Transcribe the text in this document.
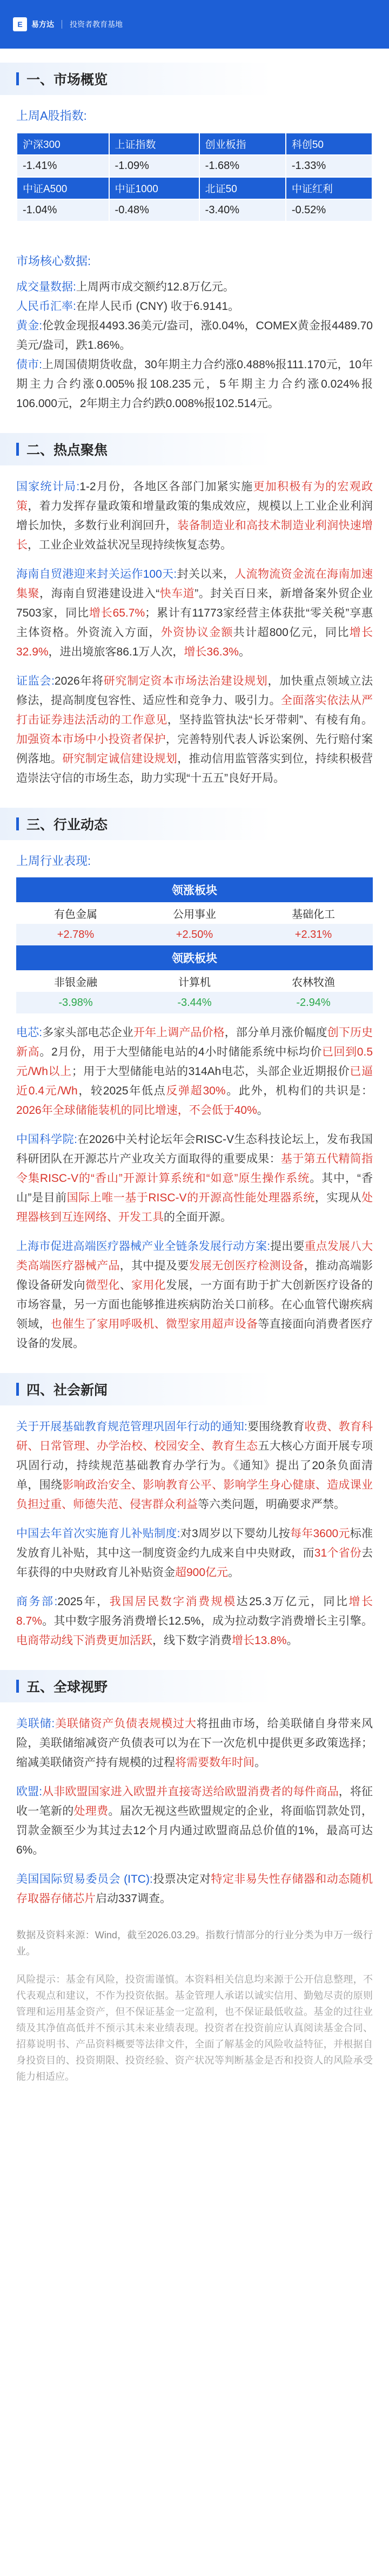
E	易方达 投资者教育基地
一、市场概览
上周A股指数:
沪深300	上证指数	创业板指	科创50
-1.41%	-1.09%	-1.68%	-1.33%
中证A500	中证1000	北证50	中证红利
-1.04%	-0.48%	-3.40%	-0.52%
市场核心数据:

成交量数据:上周两市成交额约12.8万亿元。

人民币汇率:在岸人民币 (CNY) 收于6.9141。

黄金:伦敦金现报4493.36美元/盎司，涨0.04%，COMEX黄金报4489.70美元/盎司，跌1.86%。

债市:上周国债期货收盘，30年期主力合约涨0.488%报111.170元，10年期主力合约涨0.005%报108.235元，5年期主力合约涨0.024%报106.000元，2年期主力合约跌0.008%报102.514元。

二、热点聚焦

国家统计局:1-2月份，各地区各部门加紧实施更加积极有为的宏观政策，着力发挥存量政策和增量政策的集成效应，规模以上工业企业利润增长加快，多数行业利润回升，装备制造业和高技术制造业利润快速增长，工业企业效益状况呈现持续恢复态势。

海南自贸港迎来封关运作100天:封关以来，人流物流资金流在海南加速集聚，海南自贸港建设进入“快车道”。封关百日来，新增备案外贸企业7503家，同比增长65.7%；累计有11773家经营主体获批“零关税”享惠主体资格。外资流入方面，外资协议金额共计超800亿元，同比增长32.9%，进出境旅客86.1万人次，增长36.3%。

证监会:2026年将研究制定资本市场法治建设规划，加快重点领域立法修法，提高制度包容性、适应性和竞争力、吸引力。全面落实依法从严打击证券违法活动的工作意见，坚持监管执法“长牙带刺”、有棱有角。加强资本市场中小投资者保护，完善特别代表人诉讼案例、先行赔付案例落地。研究制定诚信建设规划，推动信用监管落实到位，持续积极营造崇法守信的市场生态，助力实现“十五五”良好开局。

三、行业动态
上周行业表现:
领涨板块		
有色金属	公用事业	基础化工
+2.78%	+2.50%	+2.31%
领跌板块		
非银金融	计算机	农林牧渔
-3.98%	-3.44%	-2.94%

电芯:多家头部电芯企业开年上调产品价格，部分单月涨价幅度创下历史新高。2月份，用于大型储能电站的4小时储能系统中标均价已回到0.5元/Wh以上；用于大型储能电站的314Ah电芯，头部企业近期报价已逼近0.4元/Wh，较2025年低点反弹超30%。此外，机构们的共识是：2026年全球储能装机的同比增速，不会低于40%。

中国科学院:在2026中关村论坛年会RISC-V生态科技论坛上，发布我国科研团队在开源芯片产业攻关方面取得的重要成果：基于第五代精简指令集RISC-V的“香山”开源计算系统和“如意”原生操作系统。其中，“香山”是目前国际上唯一基于RISC-V的开源高性能处理器系统，实现从处理器核到互连网络、开发工具的全面开源。

上海市促进高端医疗器械产业全链条发展行动方案:提出要重点发展八大类高端医疗器械产品，其中提及要发展无创医疗检测设备，推动高端影像设备研发向微型化、家用化发展，一方面有助于扩大创新医疗设备的市场容量，另一方面也能够推进疾病防治关口前移。在心血管代谢疾病领域，也催生了家用呼吸机、微型家用超声设备等直接面向消费者医疗设备的发展。

四、社会新闻

关于开展基础教育规范管理巩固年行动的通知:要围绕教育收费、教育科研、日常管理、办学治校、校园安全、教育生态五大核心方面开展专项巩固行动，持续规范基础教育办学行为。《通知》提出了20条负面清单，围绕影响政治安全、影响教育公平、影响学生身心健康、造成课业负担过重、师德失范、侵害群众利益等六类问题，明确要求严禁。

中国去年首次实施育儿补贴制度:对3周岁以下婴幼儿按每年3600元标准发放育儿补贴，其中这一制度资金约九成来自中央财政，而31个省份去年获得的中央财政育儿补贴资金超900亿元。

商务部:2025年，我国居民数字消费规模达25.3万亿元，同比增长8.7%。其中数字服务消费增长12.5%，成为拉动数字消费增长主引擎。电商带动线下消费更加活跃，线下数字消费增长13.8%。

五、全球视野

美联储:美联储资产负债表规模过大将扭曲市场，给美联储自身带来风险，美联储缩减资产负债表可以为在下一次危机中提供更多政策选择；缩减美联储资产持有规模的过程将需要数年时间。

欧盟:从非欧盟国家进入欧盟并直接寄送给欧盟消费者的每件商品，将征收一笔新的处理费。届次无视这些欧盟规定的企业，将面临罚款处罚，罚款金额至少为其过去12个月内通过欧盟商品总价值的1%，最高可达6%。

美国国际贸易委员会 (ITC):投票决定对特定非易失性存储器和动态随机存取器存储芯片启动337调查。

数据及资料来源：Wind，截至2026.03.29。指数行情部分的行业分类为申万一级行业。

风险提示：基金有风险，投资需谨慎。本资料相关信息均来源于公开信息整理，不代表观点和建议，不作为投资依据。基金管理人承诺以诚实信用、勤勉尽责的原则管理和运用基金资产，但不保证基金一定盈利，也不保证最低收益。基金的过往业绩及其净值高低并不预示其未来业绩表现。投资者在投资前应认真阅读基金合同、招募说明书、产品资料概要等法律文件，全面了解基金的风险收益特征，并根据自身投资目的、投资期限、投资经验、资产状况等判断基金是否和投资人的风险承受能力相适应。
